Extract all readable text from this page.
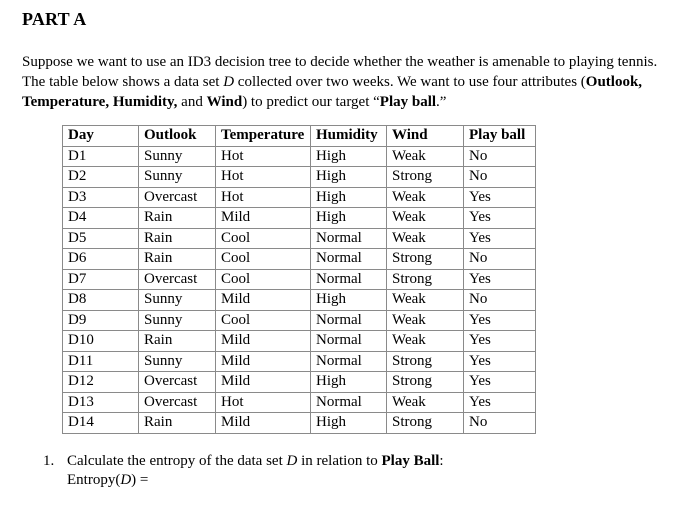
PART A
Suppose we want to use an ID3 decision tree to decide whether the weather is amenable to playing tennis. The table below shows a data set D collected over two weeks. We want to use four attributes (Outlook, Temperature, Humidity, and Wind) to predict our target “Play ball.”
Day	Outlook	Temperature	Humidity	Wind	Play ball
D1	Sunny	Hot	High	Weak	No
D2	Sunny	Hot	High	Strong	No
D3	Overcast	Hot	High	Weak	Yes
D4	Rain	Mild	High	Weak	Yes
D5	Rain	Cool	Normal	Weak	Yes
D6	Rain	Cool	Normal	Strong	No
D7	Overcast	Cool	Normal	Strong	Yes
D8	Sunny	Mild	High	Weak	No
D9	Sunny	Cool	Normal	Weak	Yes
D10	Rain	Mild	Normal	Weak	Yes
D11	Sunny	Mild	Normal	Strong	Yes
D12	Overcast	Mild	High	Strong	Yes
D13	Overcast	Hot	Normal	Weak	Yes
D14	Rain	Mild	High	Strong	No
1. Calculate the entropy of the data set D in relation to Play Ball:
Entropy(D) =
